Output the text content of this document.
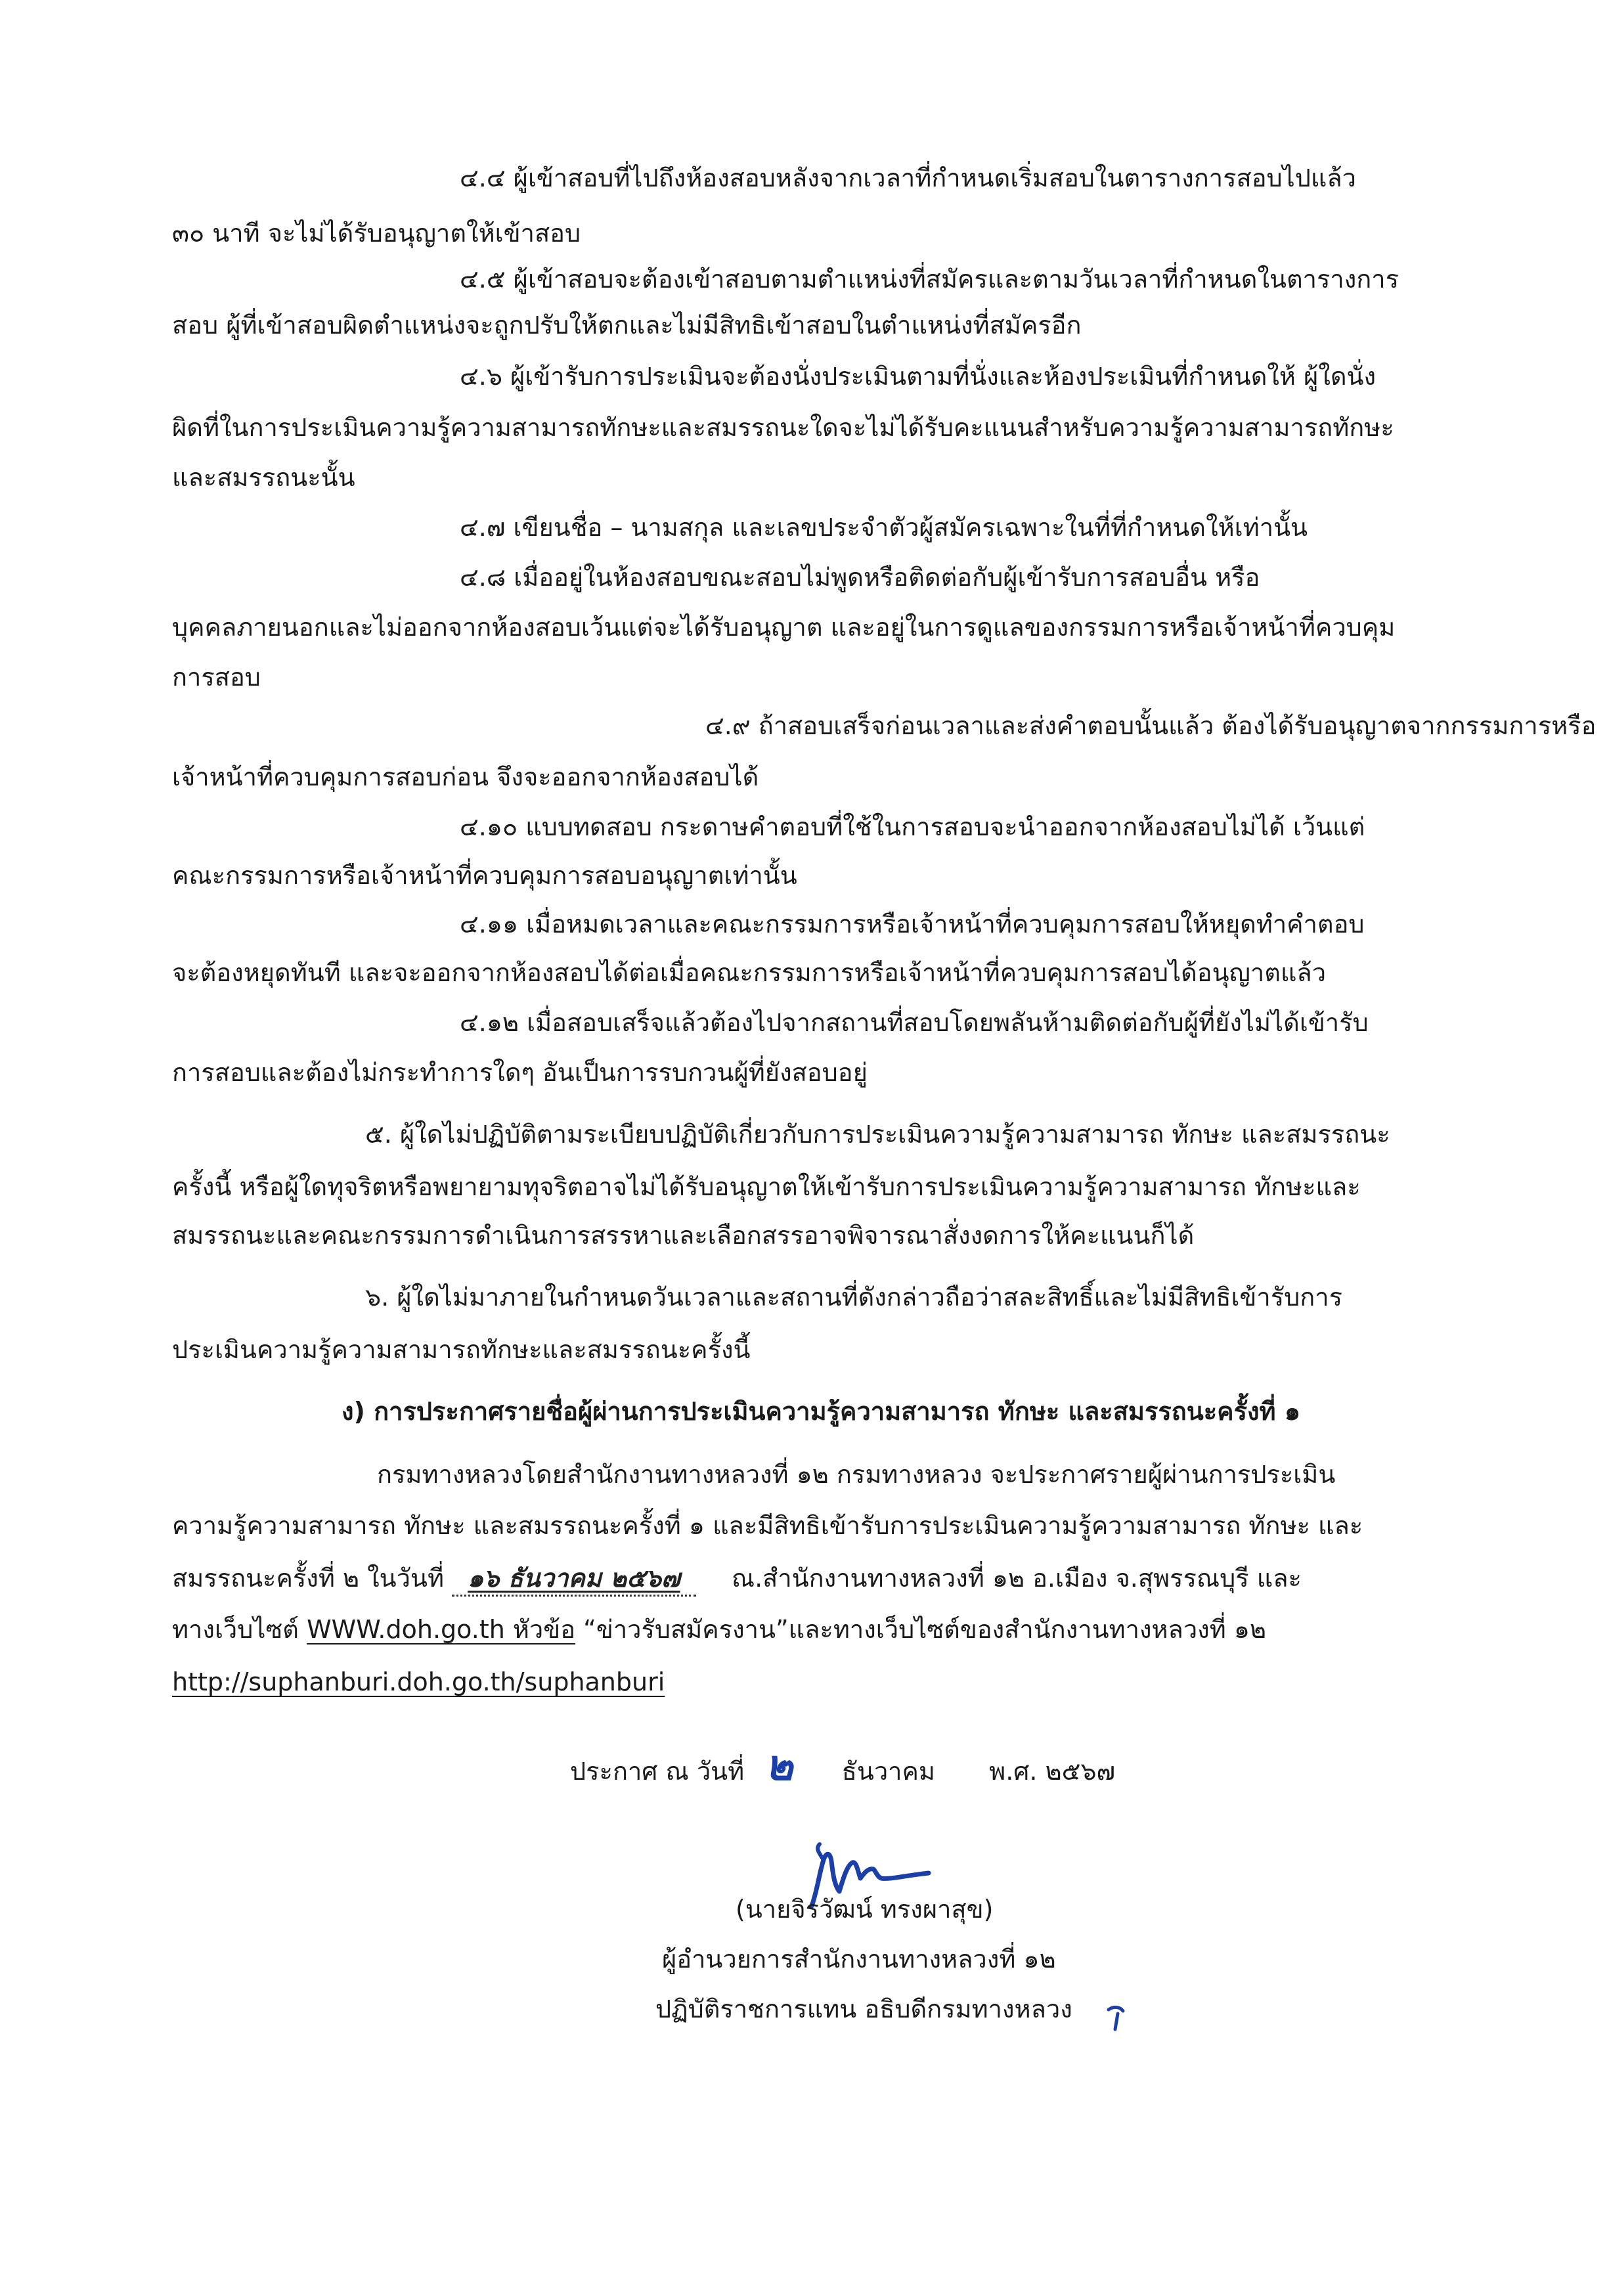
๔.๔ ผู้เข้าสอบที่ไปถึงห้องสอบหลังจากเวลาที่กำหนดเริ่มสอบในตารางการสอบไปแล้ว
๓๐ นาที จะไม่ได้รับอนุญาตให้เข้าสอบ
๔.๕ ผู้เข้าสอบจะต้องเข้าสอบตามตำแหน่งที่สมัครและตามวันเวลาที่กำหนดในตารางการ
สอบ ผู้ที่เข้าสอบผิดตำแหน่งจะถูกปรับให้ตกและไม่มีสิทธิเข้าสอบในตำแหน่งที่สมัครอีก
๔.๖ ผู้เข้ารับการประเมินจะต้องนั่งประเมินตามที่นั่งและห้องประเมินที่กำหนดให้ ผู้ใดนั่ง
ผิดที่ในการประเมินความรู้ความสามารถทักษะและสมรรถนะใดจะไม่ได้รับคะแนนสำหรับความรู้ความสามารถทักษะ
และสมรรถนะนั้น
๔.๗ เขียนชื่อ – นามสกุล และเลขประจำตัวผู้สมัครเฉพาะในที่ที่กำหนดให้เท่านั้น
๔.๘ เมื่ออยู่ในห้องสอบขณะสอบไม่พูดหรือติดต่อกับผู้เข้ารับการสอบอื่น หรือ
บุคคลภายนอกและไม่ออกจากห้องสอบเว้นแต่จะได้รับอนุญาต และอยู่ในการดูแลของกรรมการหรือเจ้าหน้าที่ควบคุม
การสอบ
๔.๙ ถ้าสอบเสร็จก่อนเวลาและส่งคำตอบนั้นแล้ว ต้องได้รับอนุญาตจากกรรมการหรือ
เจ้าหน้าที่ควบคุมการสอบก่อน จึงจะออกจากห้องสอบได้
๔.๑๐ แบบทดสอบ กระดาษคำตอบที่ใช้ในการสอบจะนำออกจากห้องสอบไม่ได้ เว้นแต่
คณะกรรมการหรือเจ้าหน้าที่ควบคุมการสอบอนุญาตเท่านั้น
๔.๑๑ เมื่อหมดเวลาและคณะกรรมการหรือเจ้าหน้าที่ควบคุมการสอบให้หยุดทำคำตอบ
จะต้องหยุดทันที และจะออกจากห้องสอบได้ต่อเมื่อคณะกรรมการหรือเจ้าหน้าที่ควบคุมการสอบได้อนุญาตแล้ว
๔.๑๒ เมื่อสอบเสร็จแล้วต้องไปจากสถานที่สอบโดยพลันห้ามติดต่อกับผู้ที่ยังไม่ได้เข้ารับ
การสอบและต้องไม่กระทำการใดๆ อันเป็นการรบกวนผู้ที่ยังสอบอยู่
๕. ผู้ใดไม่ปฏิบัติตามระเบียบปฏิบัติเกี่ยวกับการประเมินความรู้ความสามารถ ทักษะ และสมรรถนะ
ครั้งนี้ หรือผู้ใดทุจริตหรือพยายามทุจริตอาจไม่ได้รับอนุญาตให้เข้ารับการประเมินความรู้ความสามารถ ทักษะและ
สมรรถนะและคณะกรรมการดำเนินการสรรหาและเลือกสรรอาจพิจารณาสั่งงดการให้คะแนนก็ได้
๖. ผู้ใดไม่มาภายในกำหนดวันเวลาและสถานที่ดังกล่าวถือว่าสละสิทธิ์และไม่มีสิทธิเข้ารับการ
ประเมินความรู้ความสามารถทักษะและสมรรถนะครั้งนี้
ง) การประกาศรายชื่อผู้ผ่านการประเมินความรู้ความสามารถ ทักษะ และสมรรถนะครั้งที่ ๑
กรมทางหลวงโดยสำนักงานทางหลวงที่ ๑๒ กรมทางหลวง จะประกาศรายผู้ผ่านการประเมิน
ความรู้ความสามารถ ทักษะ และสมรรถนะครั้งที่ ๑ และมีสิทธิเข้ารับการประเมินความรู้ความสามารถ ทักษะ และ
สมรรถนะครั้งที่ ๒ ในวันที่ ๑๖ ธันวาคม ๒๕๖๗ ณ.สำนักงานทางหลวงที่ ๑๒ อ.เมือง จ.สุพรรณบุรี และ
ทางเว็บไซต์ WWW.doh.go.th หัวข้อ “ข่าวรับสมัครงาน”และทางเว็บไซต์ของสำนักงานทางหลวงที่ ๑๒
http://suphanburi.doh.go.th/suphanburi
ประกาศ ณ วันที่ ๒ ธันวาคม พ.ศ. ๒๕๖๗
(นายจิรวัฒน์ ทรงผาสุข)
ผู้อำนวยการสำนักงานทางหลวงที่ ๑๒
ปฏิบัติราชการแทน อธิบดีกรมทางหลวง
